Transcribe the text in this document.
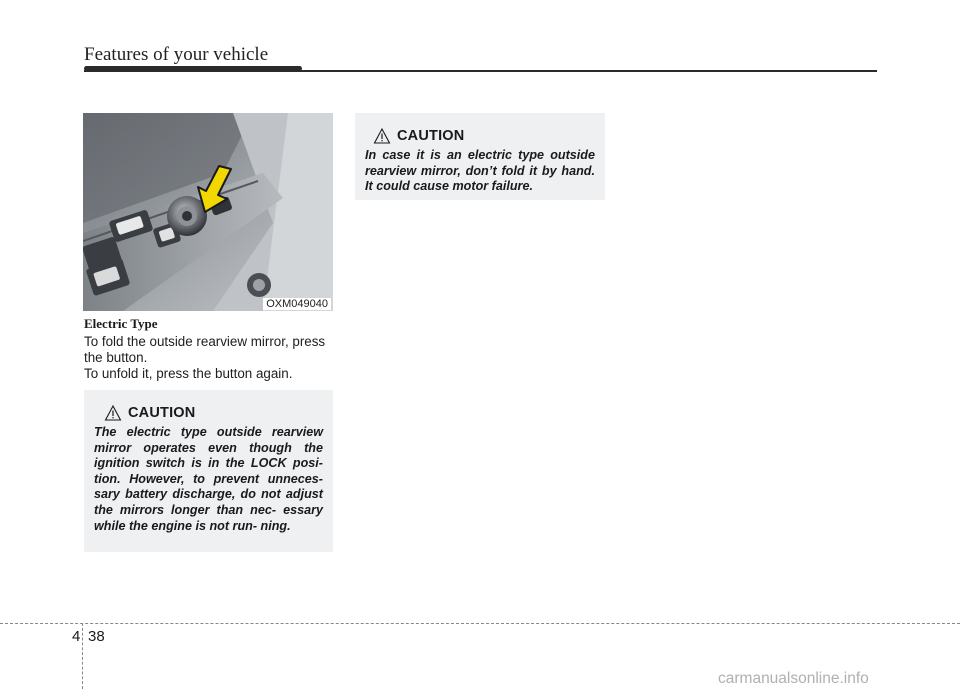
Features of your vehicle
OXM049040
Electric Type
To fold the outside rearview mirror, press the button.
To unfold it, press the button again.
CAUTION
The electric type outside rearview mirror operates even though the ignition switch is in the LOCK posi- tion. However, to prevent unneces- sary battery discharge, do not adjust the mirrors longer than nec- essary while the engine is not run- ning.
CAUTION
In case it is an electric type outside rearview mirror, don’t fold it by hand. It could cause motor failure.
4 38
carmanualsonline.info
